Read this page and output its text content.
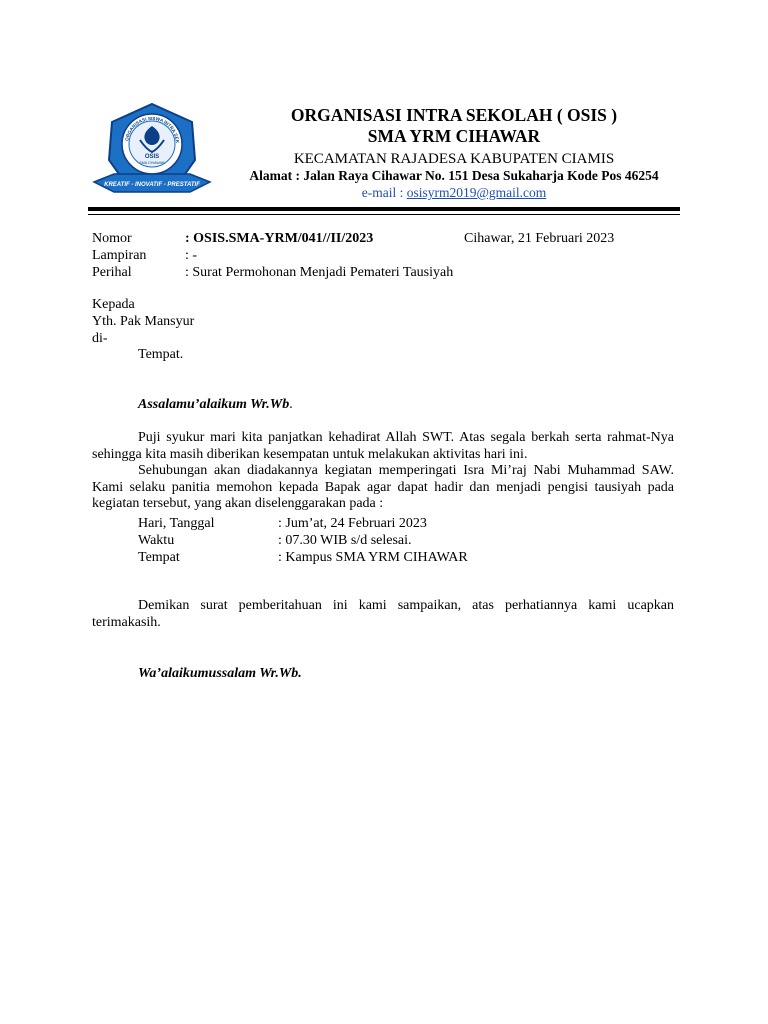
ORGANISASI SISWA INTRA SEK
OSIS
SMA CIHAWAR
KREATIF - INOVATIF - PRESTATIF
ORGANISASI INTRA SEKOLAH ( OSIS )
SMA YRM CIHAWAR
KECAMATAN RAJADESA KABUPATEN CIAMIS
Alamat : Jalan Raya Cihawar No. 151 Desa Sukaharja Kode Pos 46254
e-mail : osisyrm2019@gmail.com
Nomor	: OSIS.SMA-YRM/041//II/2023	Cihawar, 21 Februari 2023
Lampiran	: -
Perihal	: Surat Permohonan Menjadi Pemateri Tausiyah
Kepada
Yth. Pak Mansyur
di-
Tempat.
Assalamu’alaikum Wr.Wb.
Puji syukur mari kita panjatkan kehadirat Allah SWT. Atas segala berkah serta rahmat-Nya sehingga kita masih diberikan kesempatan untuk melakukan aktivitas hari ini.
Sehubungan akan diadakannya kegiatan memperingati Isra Mi’raj Nabi Muhammad SAW. Kami selaku panitia memohon kepada Bapak agar dapat hadir dan menjadi pengisi tausiyah pada kegiatan tersebut, yang akan diselenggarakan pada :
Hari, Tanggal	: Jum’at, 24 Februari 2023
Waktu	: 07.30 WIB s/d selesai.
Tempat	: Kampus SMA YRM CIHAWAR
Demikan surat pemberitahuan ini kami sampaikan, atas perhatiannya kami ucapkan terimakasih.
Wa’alaikumussalam Wr.Wb.
